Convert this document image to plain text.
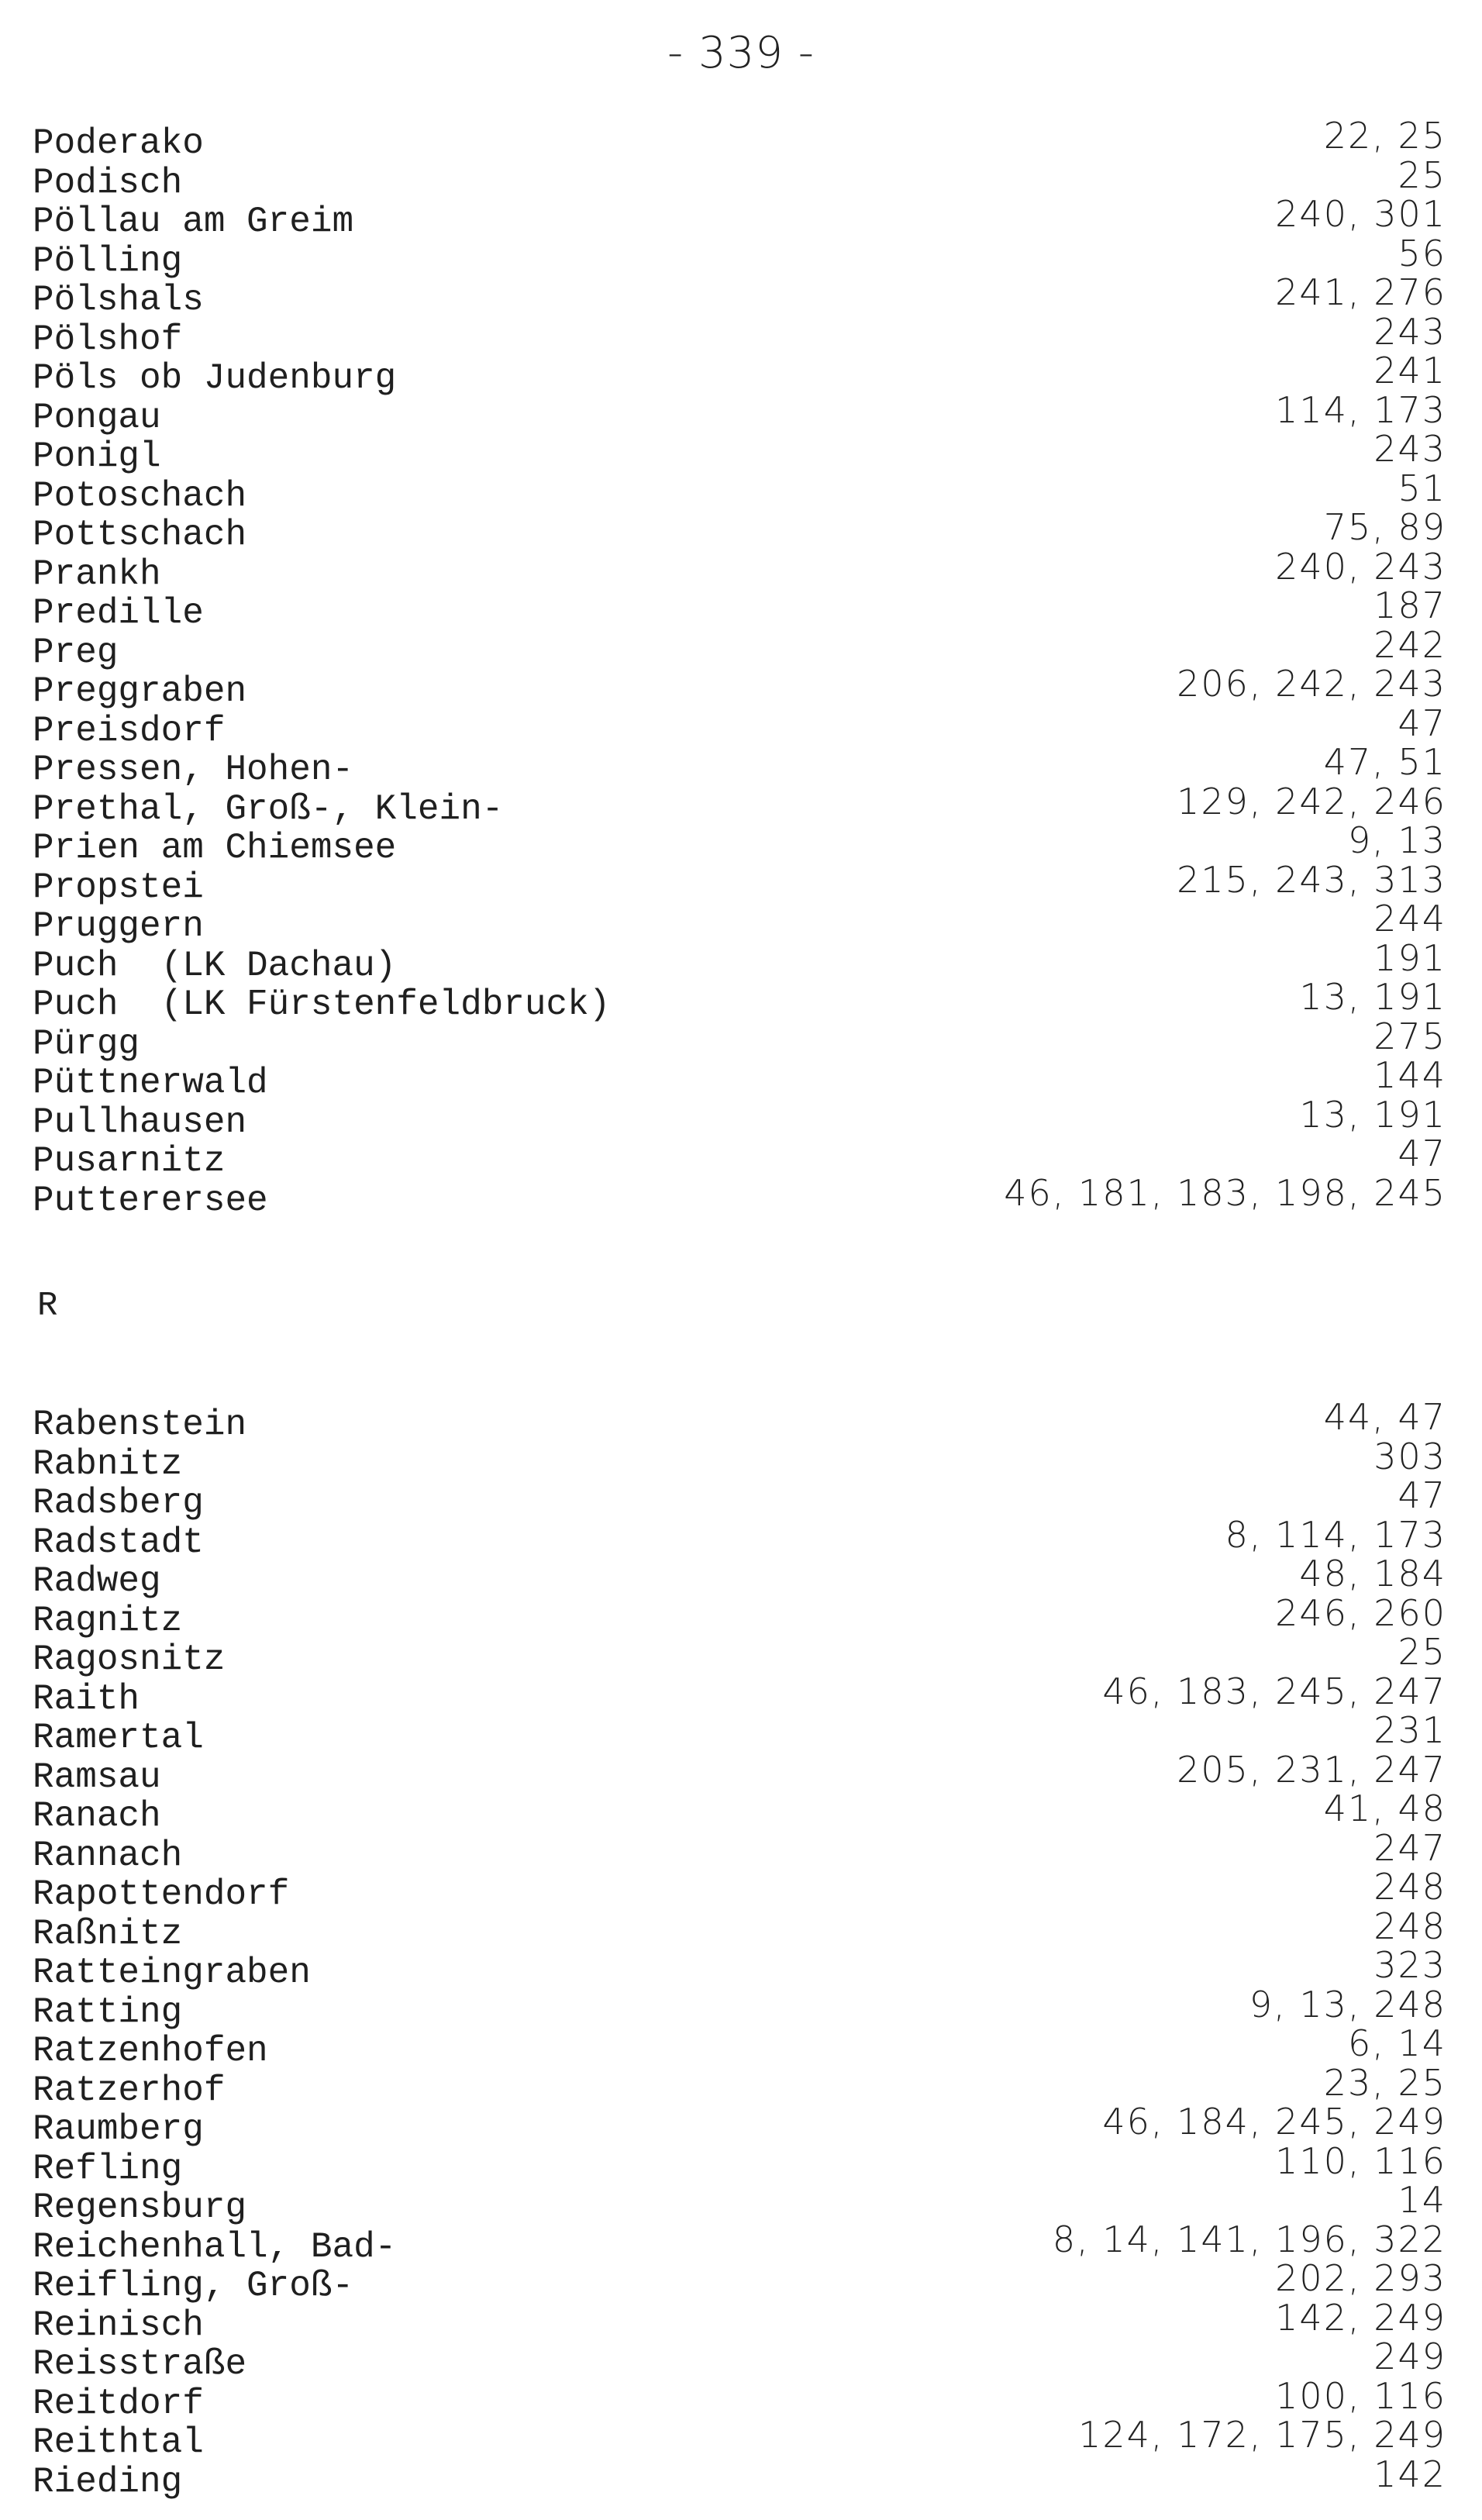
- 339 -
Poderako	22, 25
Podisch	25
Pöllau am Greim	240, 301
Pölling	56
Pölshals	241, 276
Pölshof	243
Pöls ob Judenburg	241
Pongau	114, 173
Ponigl	243
Potoschach	51
Pottschach	75, 89
Prankh	240, 243
Predille	187
Preg	242
Preggraben	206, 242, 243
Preisdorf	47
Pressen, Hohen-	47, 51
Prethal, Groß-, Klein-	129, 242, 246
Prien am Chiemsee	9, 13
Propstei	215, 243, 313
Pruggern	244
Puch  (LK Dachau)	191
Puch  (LK Fürstenfeldbruck)	13, 191
Pürgg	275
Püttnerwald	144
Pullhausen	13, 191
Pusarnitz	47
Putterersee	46, 181, 183, 198, 245
R
Rabenstein	44, 47
Rabnitz	303
Radsberg	47
Radstadt	8, 114, 173
Radweg	48, 184
Ragnitz	246, 260
Ragosnitz	25
Raith	46, 183, 245, 247
Ramertal	231
Ramsau	205, 231, 247
Ranach	41, 48
Rannach	247
Rapottendorf	248
Raßnitz	248
Ratteingraben	323
Ratting	9, 13, 248
Ratzenhofen	6, 14
Ratzerhof	23, 25
Raumberg	46, 184, 245, 249
Refling	110, 116
Regensburg	14
Reichenhall, Bad-	8, 14, 141, 196, 322
Reifling, Groß-	202, 293
Reinisch	142, 249
Reisstraße	249
Reitdorf	100, 116
Reithtal	124, 172, 175, 249
Rieding	142
